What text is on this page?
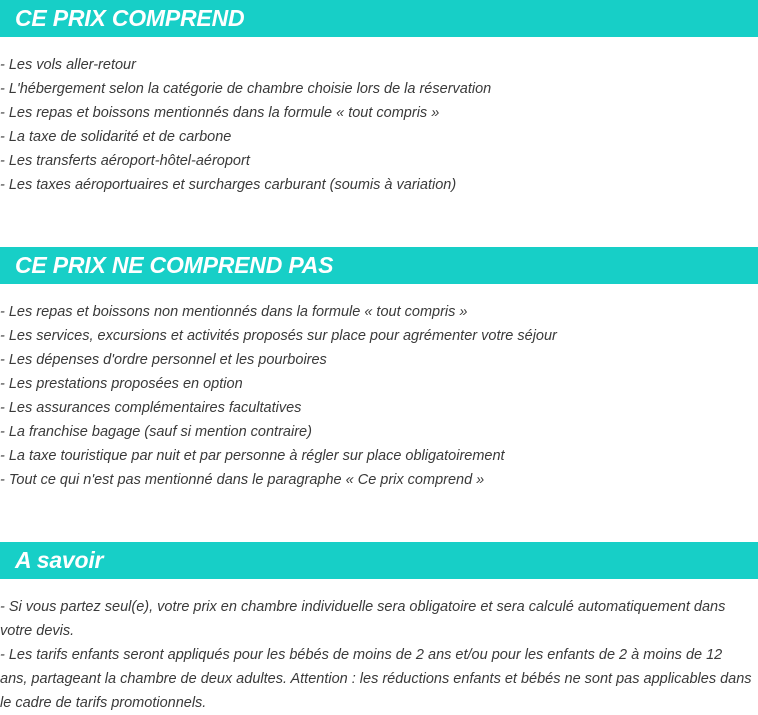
CE PRIX COMPREND
- Les vols aller-retour
- L'hébergement selon la catégorie de chambre choisie lors de la réservation
- Les repas et boissons mentionnés dans la formule « tout compris »
- La taxe de solidarité et de carbone
- Les transferts aéroport-hôtel-aéroport
- Les taxes aéroportuaires et surcharges carburant (soumis à variation)
CE PRIX NE COMPREND PAS
- Les repas et boissons non mentionnés dans la formule « tout compris »
- Les services, excursions et activités proposés sur place pour agrémenter votre séjour
- Les dépenses d'ordre personnel et les pourboires
- Les prestations proposées en option
- Les assurances complémentaires facultatives
- La franchise bagage (sauf si mention contraire)
- La taxe touristique par nuit et par personne à régler sur place obligatoirement
- Tout ce qui n'est pas mentionné dans le paragraphe « Ce prix comprend »
A savoir

- Si vous partez seul(e), votre prix en chambre individuelle sera obligatoire et sera calculé automatiquement dans votre devis.

- Les tarifs enfants seront appliqués pour les bébés de moins de 2 ans et/ou pour les enfants de 2 à moins de 12 ans, partageant la chambre de deux adultes. Attention : les réductions enfants et bébés ne sont pas applicables dans le cadre de tarifs promotionnels.
